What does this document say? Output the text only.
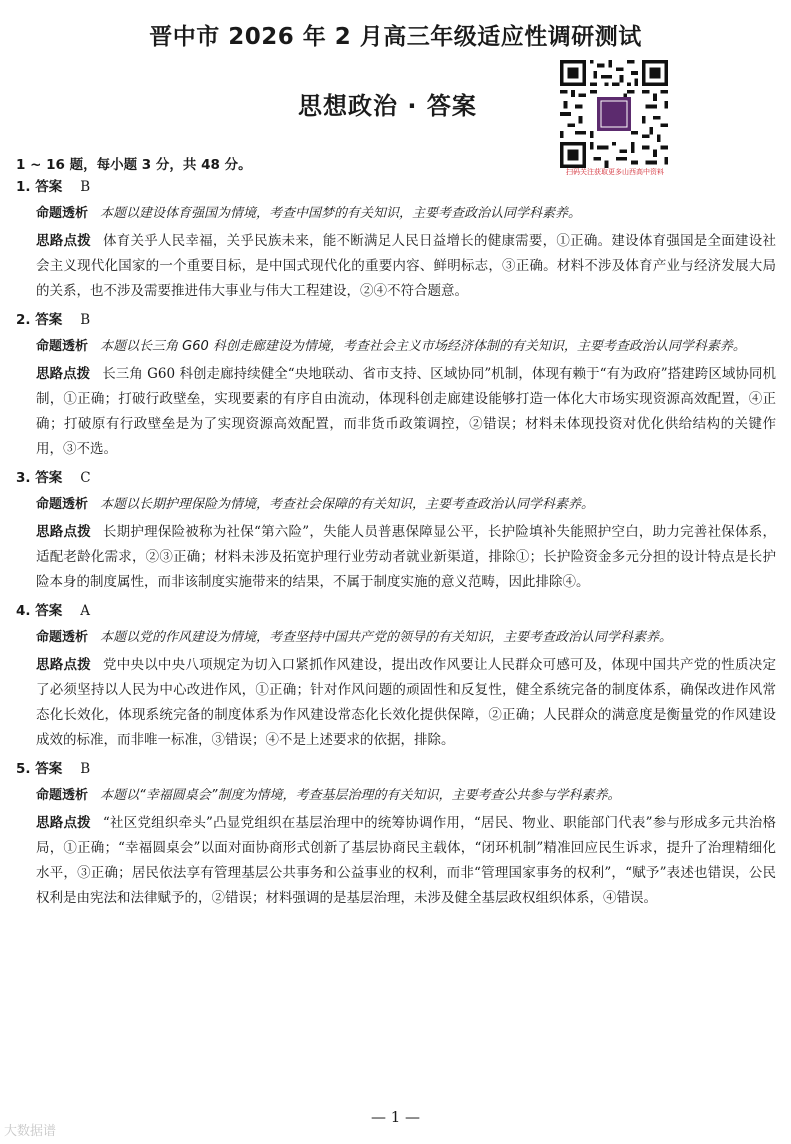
晋中市 2026 年 2 月高三年级适应性调研测试
思想政治 · 答案
扫码关注获取更多山西高中资料
1 ~ 16 题，每小题 3 分，共 48 分。
1. 答案 B
命题透析 本题以建设体育强国为情境，考查中国梦的有关知识，主要考查政治认同学科素养。
思路点拨 体育关乎人民幸福，关乎民族未来，能不断满足人民日益增长的健康需要，①正确。建设体育强国是全面建设社会主义现代化国家的一个重要目标，是中国式现代化的重要内容、鲜明标志，③正确。材料不涉及体育产业与经济发展大局的关系，也不涉及需要推进伟大事业与伟大工程建设，②④不符合题意。
2. 答案 B
命题透析 本题以长三角 G60 科创走廊建设为情境，考查社会主义市场经济体制的有关知识，主要考查政治认同学科素养。
思路点拨 长三角 G60 科创走廊持续健全“央地联动、省市支持、区域协同”机制，体现有赖于“有为政府”搭建跨区域协同机制，①正确；打破行政壁垒，实现要素的有序自由流动，体现科创走廊建设能够打造一体化大市场实现资源高效配置，④正确；打破原有行政壁垒是为了实现资源高效配置，而非货币政策调控，②错误；材料未体现投资对优化供给结构的关键作用，③不选。
3. 答案 C
命题透析 本题以长期护理保险为情境，考查社会保障的有关知识，主要考查政治认同学科素养。
思路点拨 长期护理保险被称为社保“第六险”，失能人员普惠保障显公平，长护险填补失能照护空白，助力完善社保体系，适配老龄化需求，②③正确；材料未涉及拓宽护理行业劳动者就业新渠道，排除①；长护险资金多元分担的设计特点是长护险本身的制度属性，而非该制度实施带来的结果，不属于制度实施的意义范畴，因此排除④。
4. 答案 A
命题透析 本题以党的作风建设为情境，考查坚持中国共产党的领导的有关知识，主要考查政治认同学科素养。
思路点拨 党中央以中央八项规定为切入口紧抓作风建设，提出改作风要让人民群众可感可及，体现中国共产党的性质决定了必须坚持以人民为中心改进作风，①正确；针对作风问题的顽固性和反复性，健全系统完备的制度体系，确保改进作风常态化长效化，体现系统完备的制度体系为作风建设常态化长效化提供保障，②正确；人民群众的满意度是衡量党的作风建设成效的标准，而非唯一标准，③错误；④不是上述要求的依据，排除。
5. 答案 B
命题透析 本题以“幸福圆桌会”制度为情境，考查基层治理的有关知识，主要考查公共参与学科素养。
思路点拨 “社区党组织牵头”凸显党组织在基层治理中的统筹协调作用，“居民、物业、职能部门代表”参与形成多元共治格局，①正确；“幸福圆桌会”以面对面协商形式创新了基层协商民主载体，“闭环机制”精准回应民生诉求，提升了治理精细化水平，③正确；居民依法享有管理基层公共事务和公益事业的权利，而非“管理国家事务的权利”，“赋予”表述也错误，公民权利是由宪法和法律赋予的，②错误；材料强调的是基层治理，未涉及健全基层政权组织体系，④错误。
— 1 —
大数据谱
